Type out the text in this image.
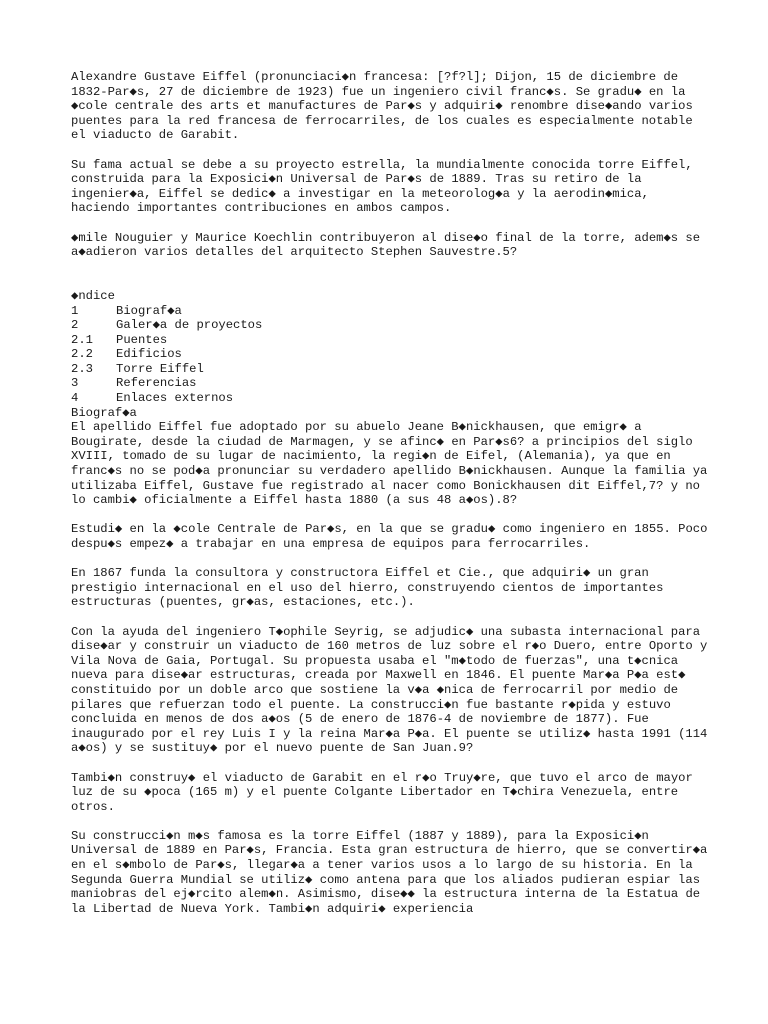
Alexandre Gustave Eiffel (pronunciaci◆n francesa: [?f?l]; Dijon, 15 de diciembre de 1832-Par◆s, 27 de diciembre de 1923) fue un ingeniero civil franc◆s. Se gradu◆ en la ◆cole centrale des arts et manufactures de Par◆s y adquiri◆ renombre dise◆ando varios puentes para la red francesa de ferrocarriles, de los cuales es especialmente notable el viaducto de Garabit.

Su fama actual se debe a su proyecto estrella, la mundialmente conocida torre Eiffel, construida para la Exposici◆n Universal de Par◆s de 1889. Tras su retiro de la ingenier◆a, Eiffel se dedic◆ a investigar en la meteorolog◆a y la aerodin◆mica, haciendo importantes contribuciones en ambos campos.

◆mile Nouguier y Maurice Koechlin contribuyeron al dise◆o final de la torre, adem◆s se a◆adieron varios detalles del arquitecto Stephen Sauvestre.5?

◆ndice

1	Biograf◆a
2	Galer◆a de proyectos
2.1	Puentes
2.2	Edificios
2.3	Torre Eiffel
3	Referencias
4	Enlaces externos

Biograf◆a

El apellido Eiffel fue adoptado por su abuelo Jeane B◆nickhausen, que emigr◆ a Bougirate, desde la ciudad de Marmagen, y se afinc◆ en Par◆s6? a principios del siglo XVIII, tomado de su lugar de nacimiento, la regi◆n de Eifel, (Alemania), ya que en franc◆s no se pod◆a pronunciar su verdadero apellido B◆nickhausen. Aunque la familia ya utilizaba Eiffel, Gustave fue registrado al nacer como Bonickhausen dit Eiffel,7? y no lo cambi◆ oficialmente a Eiffel hasta 1880 (a sus 48 a◆os).8?

Estudi◆ en la ◆cole Centrale de Par◆s, en la que se gradu◆ como ingeniero en 1855. Poco despu◆s empez◆ a trabajar en una empresa de equipos para ferrocarriles.

En 1867 funda la consultora y constructora Eiffel et Cie., que adquiri◆ un gran prestigio internacional en el uso del hierro, construyendo cientos de importantes estructuras (puentes, gr◆as, estaciones, etc.).

Con la ayuda del ingeniero T◆ophile Seyrig, se adjudic◆ una subasta internacional para dise◆ar y construir un viaducto de 160 metros de luz sobre el r◆o Duero, entre Oporto y Vila Nova de Gaia, Portugal. Su propuesta usaba el "m◆todo de fuerzas", una t◆cnica nueva para dise◆ar estructuras, creada por Maxwell en 1846. El puente Mar◆a P◆a est◆ constituido por un doble arco que sostiene la v◆a ◆nica de ferrocarril por medio de pilares que refuerzan todo el puente. La construcci◆n fue bastante r◆pida y estuvo concluida en menos de dos a◆os (5 de enero de 1876-4 de noviembre de 1877). Fue inaugurado por el rey Luis I y la reina Mar◆a P◆a. El puente se utiliz◆ hasta 1991 (114 a◆os) y se sustituy◆ por el nuevo puente de San Juan.9?

Tambi◆n construy◆ el viaducto de Garabit en el r◆o Truy◆re, que tuvo el arco de mayor luz de su ◆poca (165 m) y el puente Colgante Libertador en T◆chira Venezuela, entre otros.

Su construcci◆n m◆s famosa es la torre Eiffel (1887 y 1889), para la Exposici◆n Universal de 1889 en Par◆s, Francia. Esta gran estructura de hierro, que se convertir◆a en el s◆mbolo de Par◆s, llegar◆a a tener varios usos a lo largo de su historia. En la Segunda Guerra Mundial se utiliz◆ como antena para que los aliados pudieran espiar las maniobras del ej◆rcito alem◆n. Asimismo, dise◆◆ la estructura interna de la Estatua de la Libertad de Nueva York. Tambi◆n adquiri◆ experiencia
